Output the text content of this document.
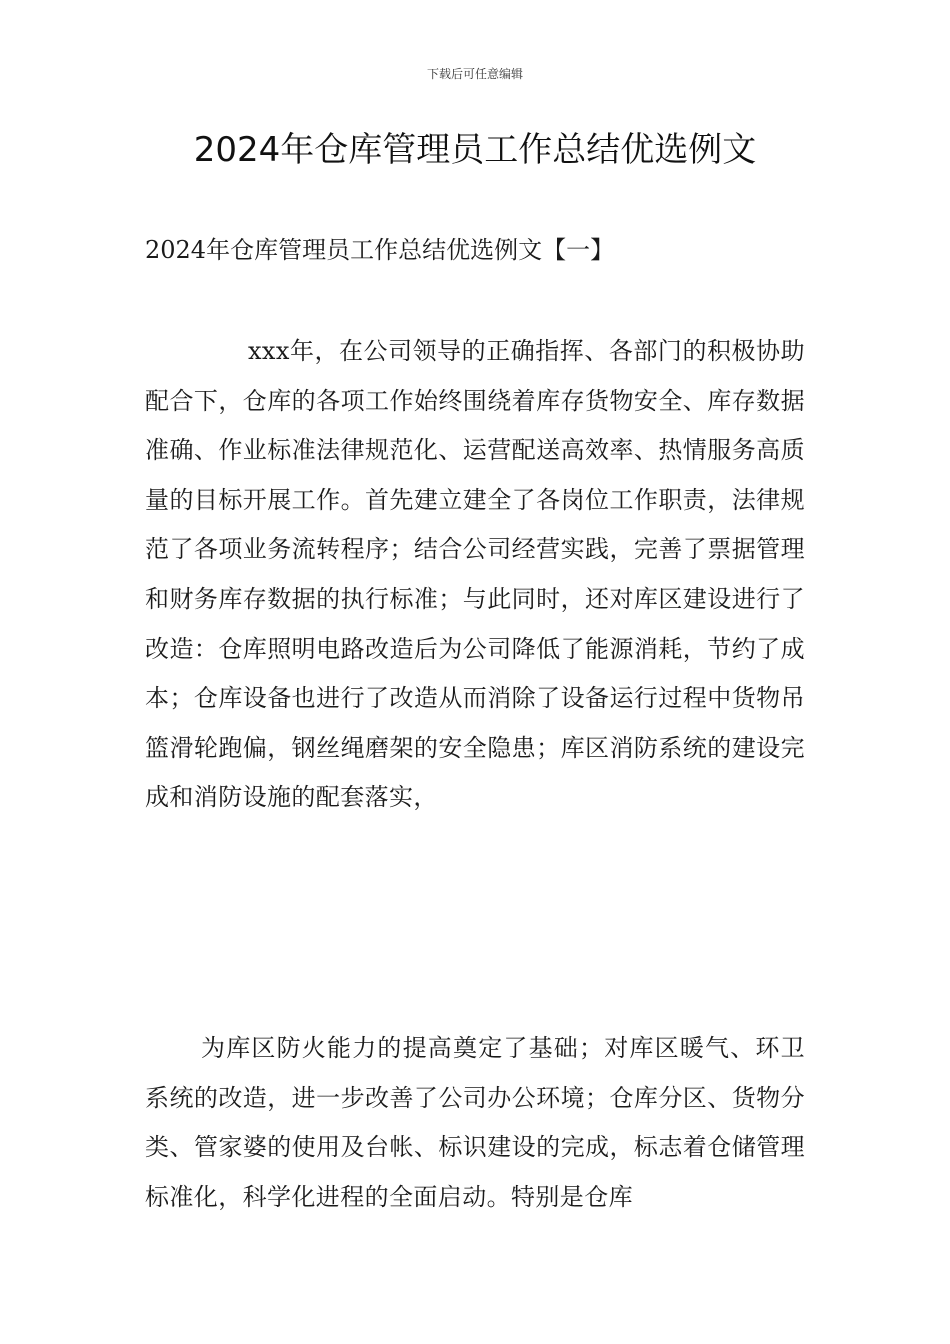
下载后可任意编辑
2024年仓库管理员工作总结优选例文
2024年仓库管理员工作总结优选例文【一】

xxx年，在公司领导的正确指挥、各部门的积极协助配合下，仓库的各项工作始终围绕着库存货物安全、库存数据准确、作业标准法律规范化、运营配送高效率、热情服务高质量的目标开展工作。首先建立建全了各岗位工作职责，法律规范了各项业务流转程序；结合公司经营实践，完善了票据管理和财务库存数据的执行标准；与此同时，还对库区建设进行了改造：仓库照明电路改造后为公司降低了能源消耗，节约了成本；仓库设备也进行了改造从而消除了设备运行过程中货物吊篮滑轮跑偏，钢丝绳磨架的安全隐患；库区消防系统的建设完成和消防设施的配套落实，

为库区防火能力的提高奠定了基础；对库区暖气、环卫系统的改造，进一步改善了公司办公环境；仓库分区、货物分类、管家婆的使用及台帐、标识建设的完成，标志着仓储管理标准化，科学化进程的全面启动。特别是仓库
